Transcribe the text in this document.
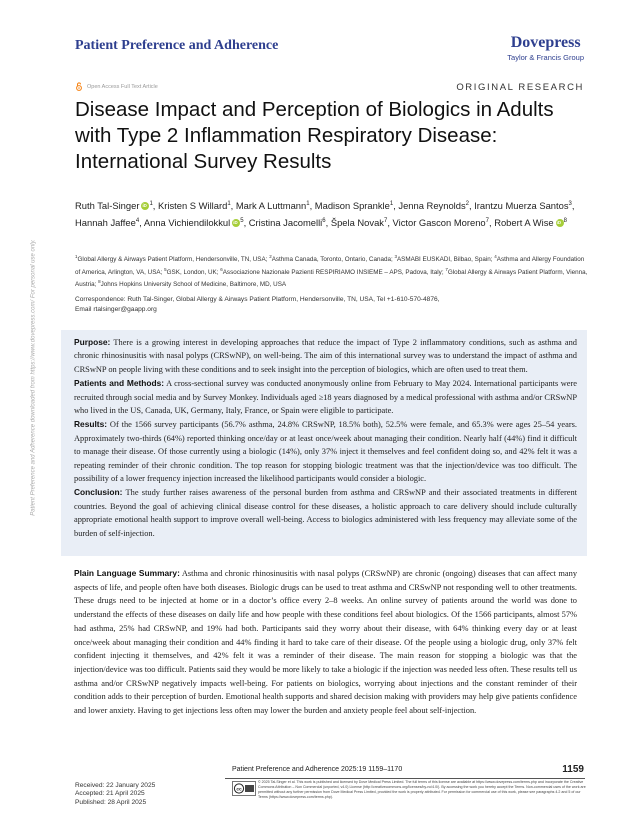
Patient Preference and Adherence	Dovepress
Taylor & Francis Group
Open Access Full Text Article	ORIGINAL RESEARCH
Disease Impact and Perception of Biologics in Adults with Type 2 Inflammation Respiratory Disease: International Survey Results
Ruth Tal-Singer iD $^1$, Kristen S Willard$^1$, Mark A Luttmann$^1$, Madison Sprankle$^1$, Jenna Reynolds$^2$, Irantzu Muerza Santos$^3$, Hannah Jaffee$^4$, Anna Vichiendilokkul iD $^5$, Cristina Jacomelli$^6$, Špela Novak$^7$, Victor Gascon Moreno$^7$, Robert A Wise iD $^8$
$^1$Global Allergy & Airways Patient Platform, Hendersonville, TN, USA; $^2$Asthma Canada, Toronto, Ontario, Canada; $^3$ASMABI EUSKADI, Bilbao, Spain; $^4$Asthma and Allergy Foundation of America, Arlington, VA, USA; $^5$GSK, London, UK; $^6$Associazione Nazionale Pazienti RESPIRIAMO INSIEME – APS, Padova, Italy; $^7$Global Allergy & Airways Patient Platform, Vienna, Austria; $^8$Johns Hopkins University School of Medicine, Baltimore, MD, USA
Correspondence: Ruth Tal-Singer, Global Allergy & Airways Patient Platform, Hendersonville, TN, USA, Tel +1-610-570-4876,
Email rtalsinger@gaapp.org
Patient Preference and Adherence downloaded from https://www.dovepress.com/ For personal use only.	Purpose: There is a growing interest in developing approaches that reduce the impact of Type 2 inflammatory conditions, such as asthma and chronic rhinosinusitis with nasal polyps (CRSwNP), on well-being. The aim of this international survey was to understand the impact of asthma and CRSwNP on people living with these conditions and to seek insight into the perception of biologics, which are often used to treat them.

Patients and Methods: A cross-sectional survey was conducted anonymously online from February to May 2024. International participants were recruited through social media and by Survey Monkey. Individuals aged ≥18 years diagnosed by a medical professional with asthma and/or CRSwNP who lived in the US, Canada, UK, Germany, Italy, France, or Spain were eligible to participate.

Results: Of the 1566 survey participants (56.7% asthma, 24.8% CRSwNP, 18.5% both), 52.5% were female, and 65.3% were ages 25–54 years. Approximately two-thirds (64%) reported thinking once/day or at least once/week about managing their condition. Nearly half (44%) find it difficult to manage their disease. Of those currently using a biologic (14%), only 37% inject it themselves and feel confident doing so, and 42% felt it was a repeating reminder of their chronic condition. The top reason for stopping biologic treatment was that the injection/device was too difficult. The possibility of a lower frequency injection increased the likelihood participants would consider a biologic.

Conclusion: The study further raises awareness of the personal burden from asthma and CRSwNP and their associated treatments in different countries. Beyond the goal of achieving clinical disease control for these diseases, a holistic approach to care delivery should include culturally appropriate emotional health support to improve overall well-being. Access to biologics administered with less frequency may alleviate some of the burden of self-injection.

Plain Language Summary: Asthma and chronic rhinosinusitis with nasal polyps (CRSwNP) are chronic (ongoing) diseases that can affect many aspects of life, and people often have both diseases. Biologic drugs can be used to treat asthma and CRSwNP not responding well to other treatments. These drugs need to be injected at home or in a doctor’s office every 2–8 weeks. An online survey of patients around the world was done to understand the effects of these diseases on daily life and how people with these conditions feel about biologics. Of the 1566 participants, almost 57% had asthma, 25% had CRSwNP, and 19% had both. Participants said they worry about their disease, with 64% thinking every day or at least once/week about managing their condition and 44% finding it hard to take care of their disease. Of the people using a biologic drug, only 37% felt confident injecting it themselves, and 42% felt it was a reminder of their disease. The main reason for stopping a biologic was that the injection/device was too difficult. Patients said they would be more likely to take a biologic if the injection was needed less often. These results tell us asthma and/or CRSwNP negatively impacts well-being. For patients on biologics, worrying about injections and the constant reminder of their condition adds to their perception of burden. Emotional health supports and shared decision making with providers may help give patients confidence and lower anxiety. Having to get injections less often may lower the burden and anxiety people feel about self-injection.
Patient Preference and Adherence 2025:19 1159–1170	1159
Received: 22 January 2025
Accepted: 21 April 2025
Published: 28 April 2025
cc
© 2025 Tal-Singer et al. This work is published and licensed by Dove Medical Press Limited. The full terms of this license are available at https://www.dovepress.com/terms.php and incorporate the Creative Commons Attribution – Non Commercial (unported, v4.0) License (http://creativecommons.org/licenses/by-nc/4.0/). By accessing the work you hereby accept the Terms. Non-commercial uses of the work are permitted without any further permission from Dove Medical Press Limited, provided the work is properly attributed. For permission for commercial use of this work, please see paragraphs 4.2 and 5 of our Terms (https://www.dovepress.com/terms.php).
